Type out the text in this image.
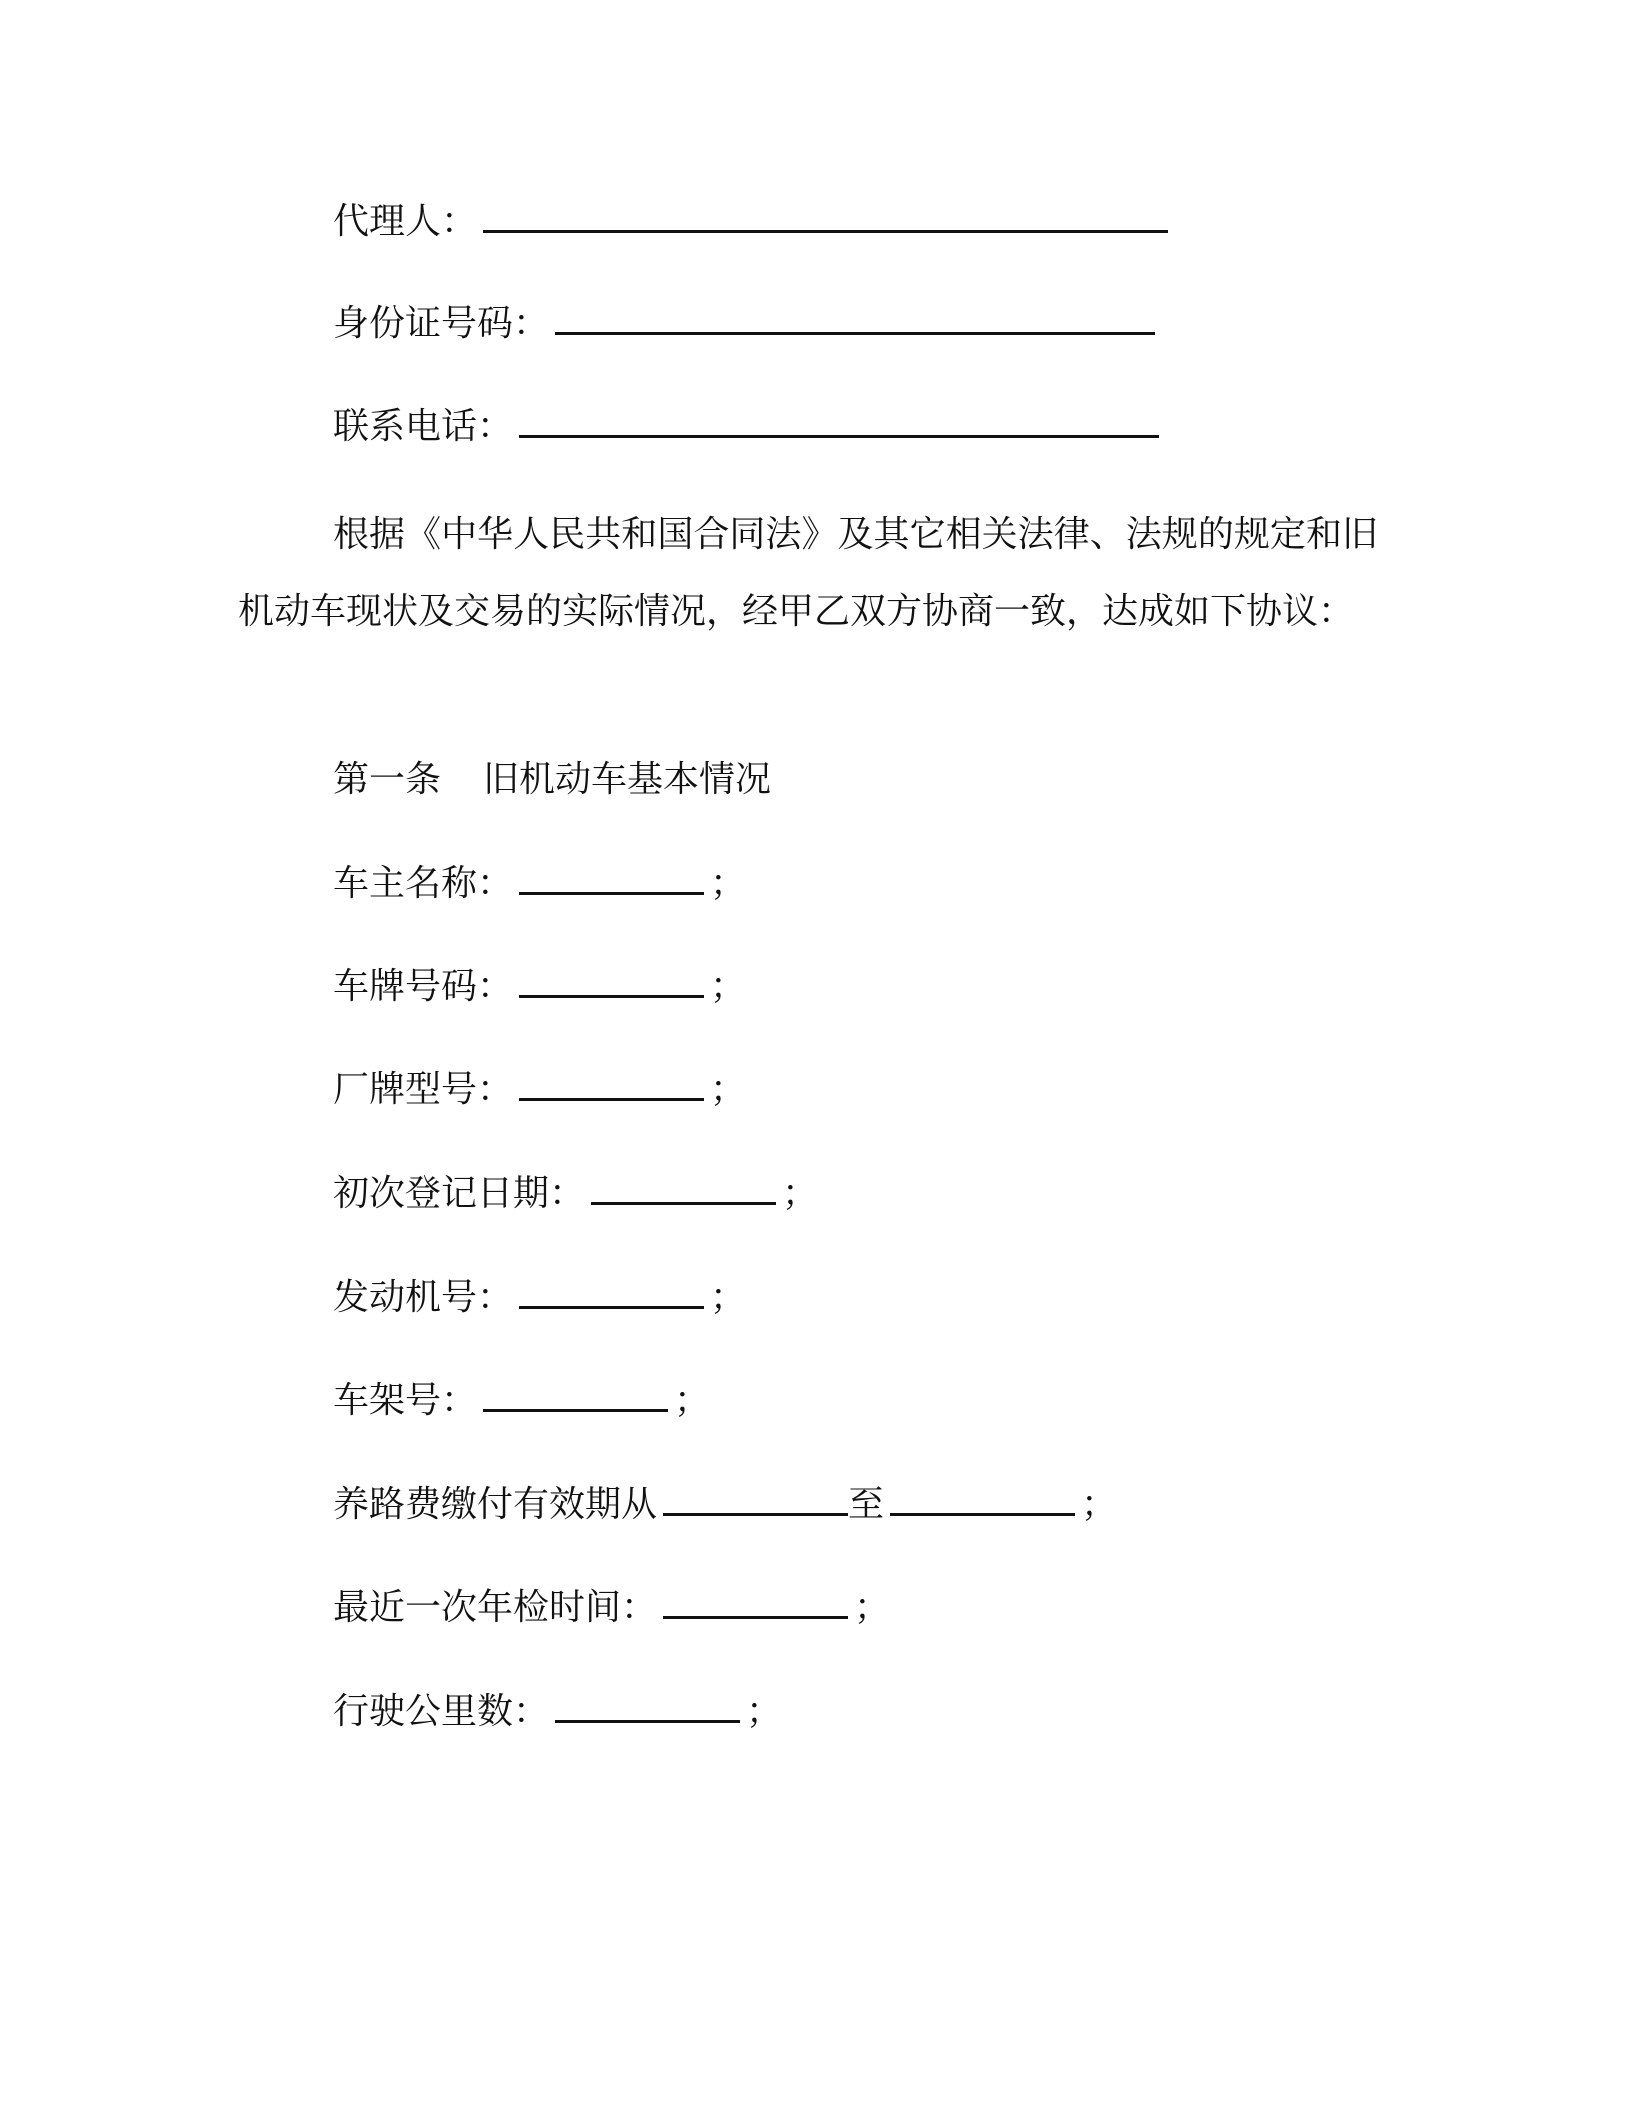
代理人：
身份证号码：
联系电话：
根据《中华人民共和国合同法》及其它相关法律、法规的规定和旧机动车现状及交易的实际情况，经甲乙双方协商一致，达成如下协议：
第一条 旧机动车基本情况
车主名称：	；
车牌号码：	；
厂牌型号：	；
初次登记日期：	；
发动机号：	；
车架号：	；
养路费缴付有效期从	至	；
最近一次年检时间：	；
行驶公里数：	；
